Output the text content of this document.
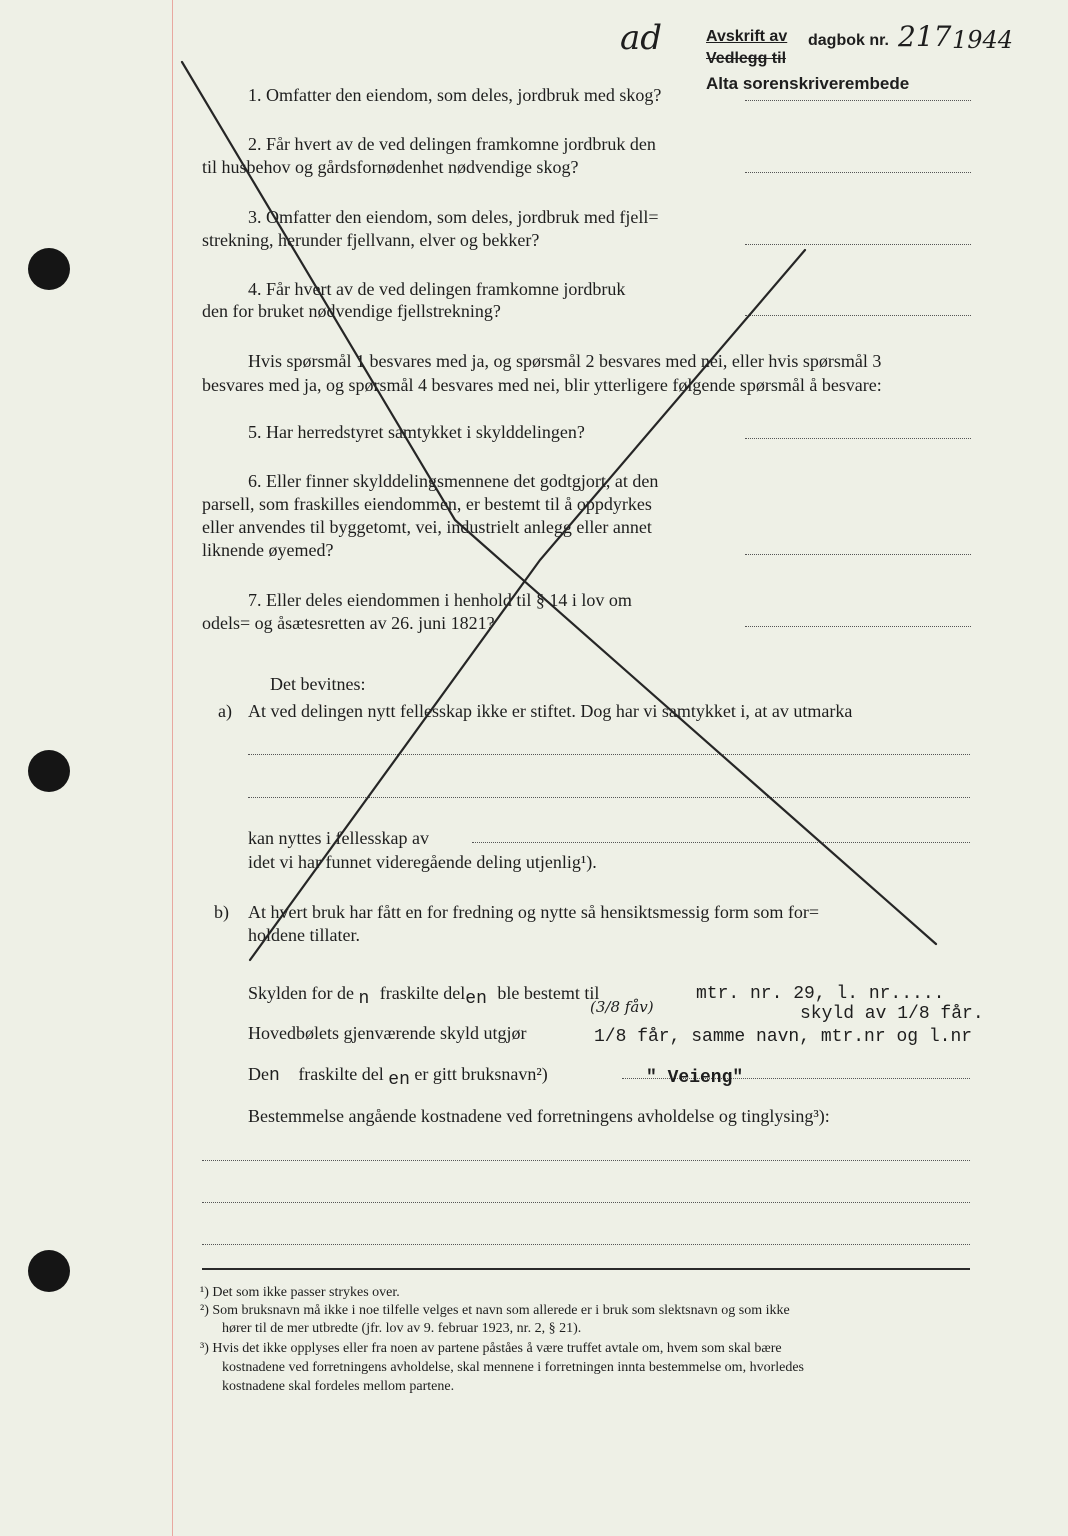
ad	Avskrift av
Vedlegg til
dagbok nr. 217 1944
Alta sorenskriverembede
1. Omfatter den eiendom, som deles, jordbruk med skog?
2. Får hvert av de ved delingen framkomne jordbruk den
til husbehov og gårdsfornødenhet nødvendige skog?
3. Omfatter den eiendom, som deles, jordbruk med fjell=
strekning, herunder fjellvann, elver og bekker?
4. Får hvert av de ved delingen framkomne jordbruk
den for bruket nødvendige fjellstrekning?
Hvis spørsmål 1 besvares med ja, og spørsmål 2 besvares med nei, eller hvis spørsmål 3
besvares med ja, og spørsmål 4 besvares med nei, blir ytterligere følgende spørsmål å besvare:
5. Har herredstyret samtykket i skylddelingen?
6. Eller finner skylddelingsmennene det godtgjort, at den
parsell, som fraskilles eiendommen, er bestemt til å oppdyrkes
eller anvendes til byggetomt, vei, industrielt anlegg eller annet
liknende øyemed?
7. Eller deles eiendommen i henhold til § 14 i lov om
odels= og åsætesretten av 26. juni 1821?
Det bevitnes:
a) At ved delingen nytt fellesskap ikke er stiftet. Dog har vi samtykket i, at av utmarka
kan nyttes i fellesskap av
idet vi har funnet videregående deling utjenlig¹).
b) At hvert bruk har fått en for fredning og nytte så hensiktsmessig form som for=
holdene tillater.
Skylden for de n fraskilte delen ble bestemt til	mtr. nr. 29, l. nr.....
(3/8 fåv)	skyld av 1/8 får.
Hovedbølets gjenværende skyld utgjør	1/8 får, samme navn, mtr.nr og l.nr
Den fraskilte del en er gitt bruksnavn²)	" Veieng"
Bestemmelse angående kostnadene ved forretningens avholdelse og tinglysing³):
¹) Det som ikke passer strykes over.
²) Som bruksnavn må ikke i noe tilfelle velges et navn som allerede er i bruk som slektsnavn og som ikke
hører til de mer utbredte (jfr. lov av 9. februar 1923, nr. 2, § 21).
³) Hvis det ikke opplyses eller fra noen av partene påståes å være truffet avtale om, hvem som skal bære
kostnadene ved forretningens avholdelse, skal mennene i forretningen innta bestemmelse om, hvorledes
kostnadene skal fordeles mellom partene.
